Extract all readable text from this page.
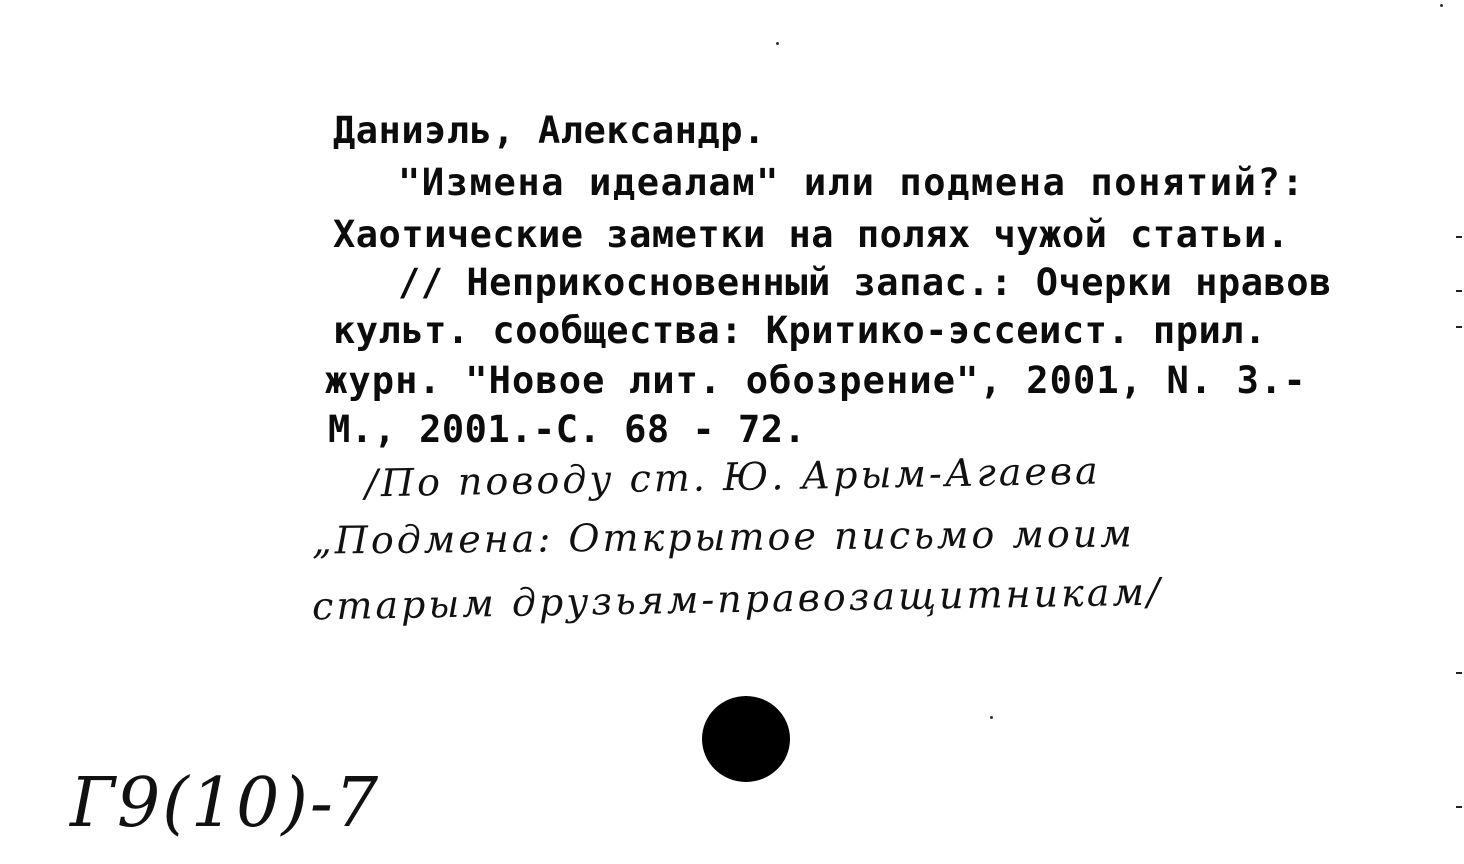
Даниэль, Александр.
"Измена идеалам" или подмена понятий?:
Хаотические заметки на полях чужой статьи.
// Неприкосновенный запас.: Очерки нравов
культ. сообщества: Критико-эссеист. прил.
журн. "Новое лит. обозрение", 2001, N. 3.-
М., 2001.-С. 68 - 72.
/По поводу ст. Ю. Арым-Агаева
„Подмена: Открытое письмо моим
старым друзьям-правозащитникам/
Г9(10)-7
